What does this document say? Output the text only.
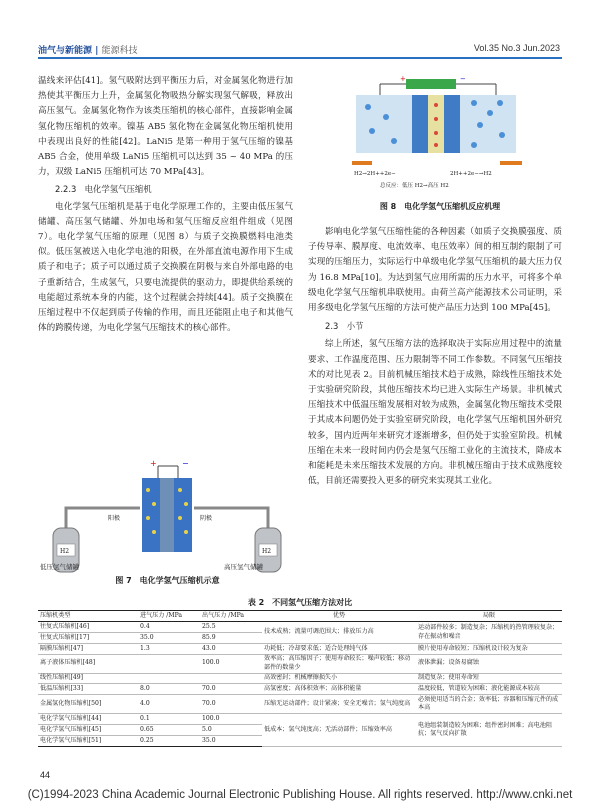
油气与新能源 | 能源科技	Vol.35 No.3 Jun.2023

温线来评估[41]。氢气吸附达到平衡压力后，对金属氢化物进行加热使其平衡压力上升，金属氢化物吸热分解实现氢气解吸，释放出高压氢气。金属氢化物作为该类压缩机的核心部件，直接影响金属氢化物压缩机的效率。镍基 AB5 氢化物在金属氢化物压缩机使用中表现出良好的性能[42]。LaNi5 是第一种用于氢气压缩的镍基 AB5 合金，使用单级 LaNi5 压缩机可以达到 35 ~ 40 MPa 的压力，双级 LaNi5 压缩机可达 70 MPa[43]。

2.2.3　电化学氢气压缩机

电化学氢气压缩机是基于电化学原理工作的，主要由低压氢气储罐、高压氢气储罐、外加电场和氢气压缩反应组件组成（见图 7）。电化学氢气压缩的原理（见图 8）与质子交换膜燃料电池类似。低压氢被送入电化学电池的阳极，在外部直流电源作用下生成质子和电子；质子可以通过质子交换膜在阴极与来自外部电路的电子重新结合，生成氢气，只要电流提供的驱动力，即提供给系统的电能超过系统本身的内能，这个过程就会持续[44]。质子交换膜在压缩过程中不仅起到质子传输的作用，而且还能阻止电子和其他气体的跨膜传递，为电化学氢气压缩技术的核心部件。

+	−
阳极	阴极
H2	H2
低压氢气储罐	高压氢气储罐
图 7　电化学氢气压缩机示意
+	−
H2→2H++2e−	2H++2e−→H2
总反应：低压 H2→高压 H2
图 8　电化学氢气压缩机反应机理

影响电化学氢气压缩性能的各种因素（如质子交换膜强度、质子传导率、膜厚度、电流效率、电压效率）间的相互制约限制了可实现的压缩压力，实际运行中单级电化学氢气压缩机的最大压力仅为 16.8 MPa[10]。为达到氢气应用所需的压力水平，可将多个单级电化学氢气压缩机串联使用。由荷兰高产能源技术公司证明，采用多级电化学氢气压缩的方法可使产品压力达到 100 MPa[45]。

2.3　小节

综上所述，氢气压缩方法的选择取决于实际应用过程中的流量要求、工作温度范围、压力限制等不同工作参数。不同氢气压缩技术的对比见表 2。目前机械压缩技术趋于成熟，除线性压缩技术处于实验研究阶段，其他压缩技术均已进入实际生产场景。非机械式压缩技术中低温压缩发展相对较为成熟，金属氢化物压缩技术受限于其成本问题仍处于实验室研究阶段，电化学氢气压缩机国外研究较多，国内近两年来研究才逐渐增多，但仍处于实验室阶段。机械压缩在未来一段时间内仍会是氢气压缩工业化的主流技术，降成本和能耗是未来压缩技术发展的方向。非机械压缩由于技术成熟度较低，目前还需要投入更多的研究来实现其工业化。

表 2　不同氢气压缩方法对比
压缩机类型	进气压力 /MPa	出气压力 /MPa	优势	局限
往复式压缩机[46]	0.4	25.5	技术成熟；流量可调范围大；排放压力高	运动部件较多；制造复杂；压缩机的热管理较复杂；存在振动和噪音
往复式压缩机[17]	35.0	85.9		
隔膜压缩机[47]	1.3	43.0	功耗低；冷却要求低；适合处理纯气体	膜片使用寿命较短；压缩机设计较为复杂
离子液体压缩机[48]		100.0	效率高；高压缩因子；使用寿命较长；噪声较低；移动部件的数量少	液体泄漏；设备易腐蚀
线性压缩机[49]			高效密封；机械摩擦损失小	制造复杂；使用寿命短
低温压缩机[33]	8.0	70.0	高氢密度；高体积效率；高体积能量	温度较低，管道较为困难；液化能源成本较高
金属氢化物压缩机[50]	4.0	70.0	压缩无运动部件；设计紧凑；安全无噪音；氢气纯度高	必须使用适当的合金；效率低；容器和压缩元件的成本高
电化学氢气压缩机[44]	0.1	100.0	低成本；氢气纯度高；无活动部件；压缩效率高	电池组装制造较为困难；组件密封困难；高电池阻抗；氢气反向扩散
电化学氢气压缩机[45]	0.65	5.0		
电化学氢气压缩机[51]	0.25	35.0		
44
(C)1994-2023 China Academic Journal Electronic Publishing House. All rights reserved. http://www.cnki.net
